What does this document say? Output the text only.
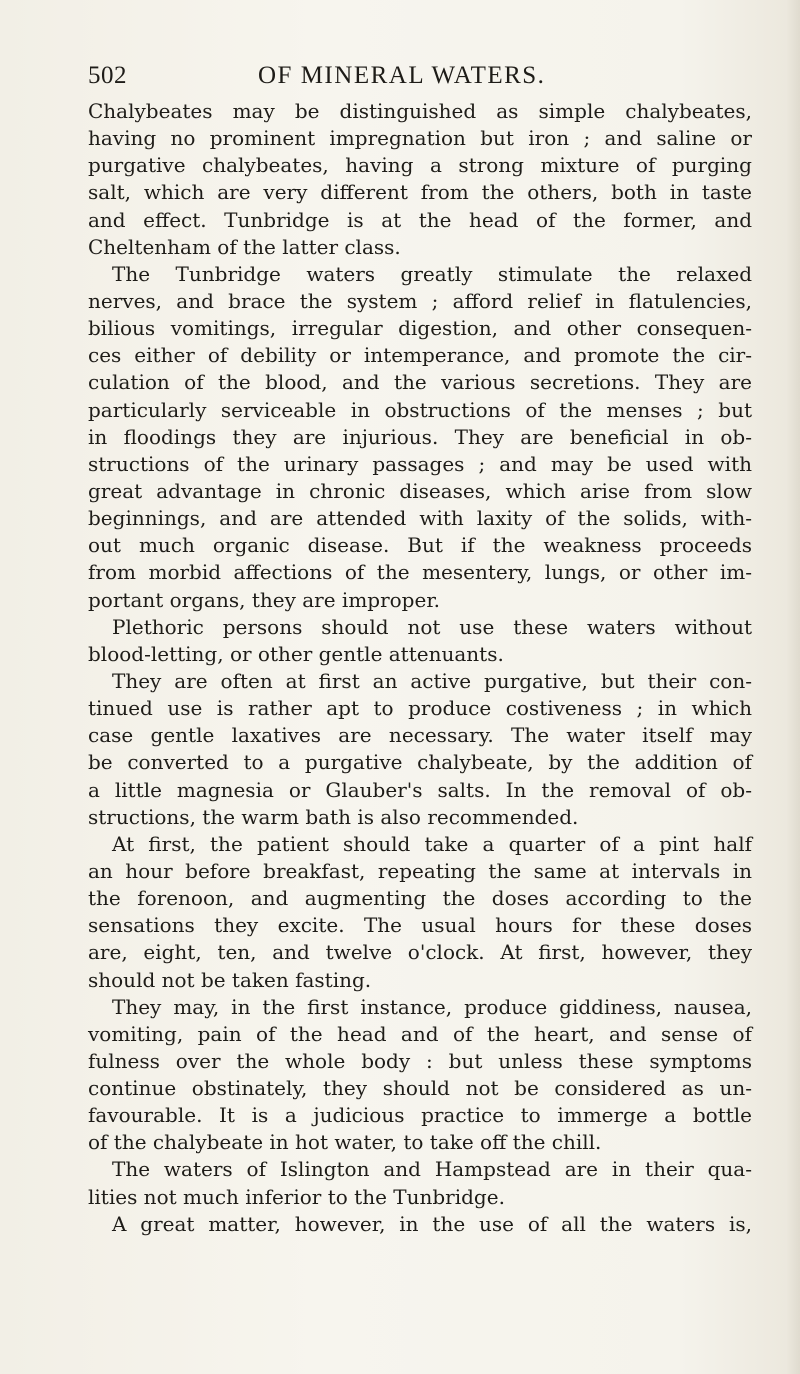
502	OF MINERAL WATERS.
Chalybeates may be distinguished as simple chalybeates,
having no prominent impregnation but iron ; and saline or
purgative chalybeates, having a strong mixture of purging
salt, which are very different from the others, both in taste
and effect. Tunbridge is at the head of the former, and
Cheltenham of the latter class.
The Tunbridge waters greatly stimulate the relaxed
nerves, and brace the system ; afford relief in flatulencies,
bilious vomitings, irregular digestion, and other consequen-
ces either of debility or intemperance, and promote the cir-
culation of the blood, and the various secretions. They are
particularly serviceable in obstructions of the menses ; but
in floodings they are injurious. They are beneficial in ob-
structions of the urinary passages ; and may be used with
great advantage in chronic diseases, which arise from slow
beginnings, and are attended with laxity of the solids, with-
out much organic disease. But if the weakness proceeds
from morbid affections of the mesentery, lungs, or other im-
portant organs, they are improper.
Plethoric persons should not use these waters without
blood-letting, or other gentle attenuants.
They are often at first an active purgative, but their con-
tinued use is rather apt to produce costiveness ; in which
case gentle laxatives are necessary. The water itself may
be converted to a purgative chalybeate, by the addition of
a little magnesia or Glauber's salts. In the removal of ob-
structions, the warm bath is also recommended.
At first, the patient should take a quarter of a pint half
an hour before breakfast, repeating the same at intervals in
the forenoon, and augmenting the doses according to the
sensations they excite. The usual hours for these doses
are, eight, ten, and twelve o'clock. At first, however, they
should not be taken fasting.
They may, in the first instance, produce giddiness, nausea,
vomiting, pain of the head and of the heart, and sense of
fulness over the whole body : but unless these symptoms
continue obstinately, they should not be considered as un-
favourable. It is a judicious practice to immerge a bottle
of the chalybeate in hot water, to take off the chill.
The waters of Islington and Hampstead are in their qua-
lities not much inferior to the Tunbridge.
A great matter, however, in the use of all the waters is,
